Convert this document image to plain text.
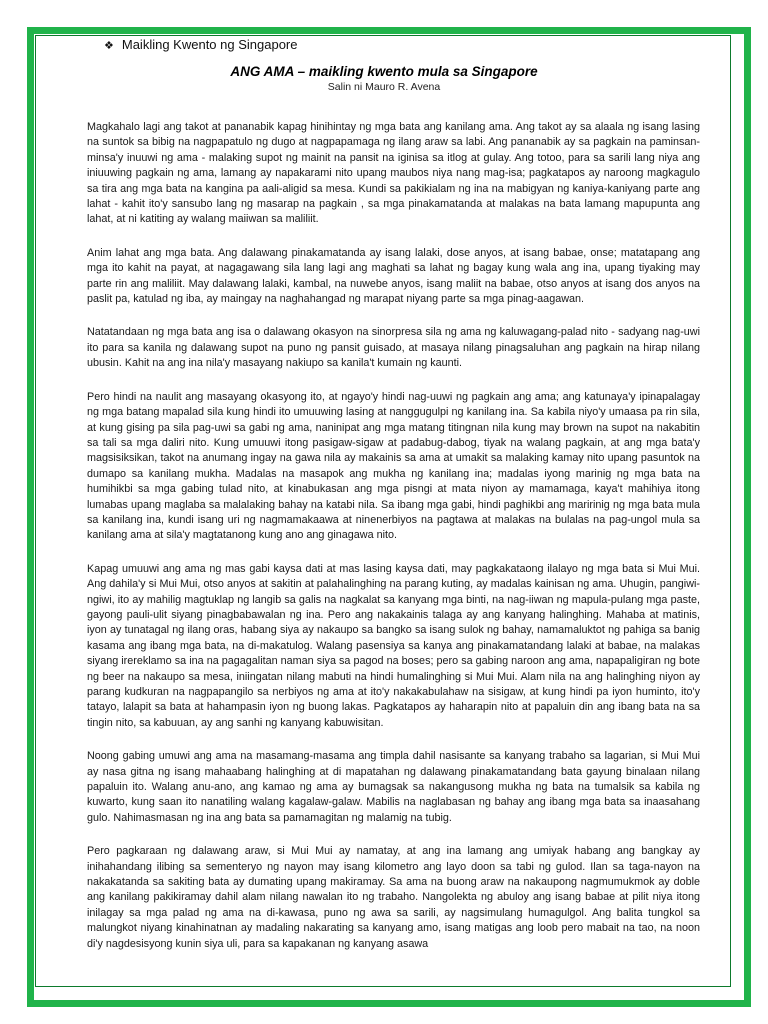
❖ Maikling Kwento ng Singapore
ANG AMA – maikling kwento mula sa Singapore
Salin ni Mauro R. Avena

Magkahalo lagi ang takot at pananabik kapag hinihintay ng mga bata ang kanilang ama. Ang takot ay sa alaala ng isang lasing na suntok sa bibig na nagpapatulo ng dugo at nagpapamaga ng ilang araw sa labi. Ang pananabik ay sa pagkain na paminsan-minsa'y inuuwi ng ama - malaking supot ng mainit na pansit na iginisa sa itlog at gulay. Ang totoo, para sa sarili lang niya ang iniuuwing pagkain ng ama, lamang ay napakarami nito upang maubos niya nang mag-isa; pagkatapos ay naroong magkagulo sa tira ang mga bata na kangina pa aali-aligid sa mesa. Kundi sa pakikialam ng ina na mabigyan ng kaniya-kaniyang parte ang lahat - kahit ito'y sansubo lang ng masarap na pagkain , sa mga pinakamatanda at malakas na bata lamang mapupunta ang lahat, at ni katiting ay walang maiiwan sa maliliit.

Anim lahat ang mga bata. Ang dalawang pinakamatanda ay isang lalaki, dose anyos, at isang babae, onse; matatapang ang mga ito kahit na payat, at nagagawang sila lang lagi ang maghati sa lahat ng bagay kung wala ang ina, upang tiyaking may parte rin ang maliliit. May dalawang lalaki, kambal, na nuwebe anyos, isang maliit na babae, otso anyos at isang dos anyos na paslit pa, katulad ng iba, ay maingay na naghahangad ng marapat niyang parte sa mga pinag-aagawan.

Natatandaan ng mga bata ang isa o dalawang okasyon na sinorpresa sila ng ama ng kaluwagang-palad nito - sadyang nag-uwi ito para sa kanila ng dalawang supot na puno ng pansit guisado, at masaya nilang pinagsaluhan ang pagkain na hirap nilang ubusin. Kahit na ang ina nila'y masayang nakiupo sa kanila't kumain ng kaunti.

Pero hindi na naulit ang masayang okasyong ito, at ngayo'y hindi nag-uuwi ng pagkain ang ama; ang katunaya'y ipinapalagay ng mga batang mapalad sila kung hindi ito umuuwing lasing at nanggugulpi ng kanilang ina. Sa kabila niyo'y umaasa pa rin sila, at kung gising pa sila pag-uwi sa gabi ng ama, naninipat ang mga matang titingnan nila kung may brown na supot na nakabitin sa tali sa mga daliri nito. Kung umuuwi itong pasigaw-sigaw at padabug-dabog, tiyak na walang pagkain, at ang mga bata'y magsisiksikan, takot na anumang ingay na gawa nila ay makainis sa ama at umakit sa malaking kamay nito upang pasuntok na dumapo sa kanilang mukha. Madalas na masapok ang mukha ng kanilang ina; madalas iyong marinig ng mga bata na humihikbi sa mga gabing tulad nito, at kinabukasan ang mga pisngi at mata niyon ay mamamaga, kaya't mahihiya itong lumabas upang maglaba sa malalaking bahay na katabi nila. Sa ibang mga gabi, hindi paghikbi ang maririnig ng mga bata mula sa kanilang ina, kundi isang uri ng nagmamakaawa at ninenerbiyos na pagtawa at malakas na bulalas na pag-ungol mula sa kanilang ama at sila'y magtatanong kung ano ang ginagawa nito.

Kapag umuuwi ang ama ng mas gabi kaysa dati at mas lasing kaysa dati, may pagkakataong ilalayo ng mga bata si Mui Mui. Ang dahila'y si Mui Mui, otso anyos at sakitin at palahalinghing na parang kuting, ay madalas kainisan ng ama. Uhugin, pangiwi-ngiwi, ito ay mahilig magtuklap ng langib sa galis na nagkalat sa kanyang mga binti, na nag-iiwan ng mapula-pulang mga paste, gayong pauli-ulit siyang pinagbabawalan ng ina. Pero ang nakakainis talaga ay ang kanyang halinghing. Mahaba at matinis, iyon ay tunatagal ng ilang oras, habang siya ay nakaupo sa bangko sa isang sulok ng bahay, namamaluktot ng pahiga sa banig kasama ang ibang mga bata, na di-makatulog. Walang pasensiya sa kanya ang pinakamatandang lalaki at babae, na malakas siyang irereklamo sa ina na pagagalitan naman siya sa pagod na boses; pero sa gabing naroon ang ama, napapaligiran ng bote ng beer na nakaupo sa mesa, iniingatan nilang mabuti na hindi humalinghing si Mui Mui. Alam nila na ang halinghing niyon ay parang kudkuran na nagpapangilo sa nerbiyos ng ama at ito'y nakakabulahaw na sisigaw, at kung hindi pa iyon huminto, ito'y tatayo, lalapit sa bata at hahampasin iyon ng buong lakas. Pagkatapos ay haharapin nito at papaluin din ang ibang bata na sa tingin nito, sa kabuuan, ay ang sanhi ng kanyang kabuwisitan.

Noong gabing umuwi ang ama na masamang-masama ang timpla dahil nasisante sa kanyang trabaho sa lagarian, si Mui Mui ay nasa gitna ng isang mahaabang halinghing at di mapatahan ng dalawang pinakamatandang bata gayung binalaan nilang papaluin ito. Walang anu-ano, ang kamao ng ama ay bumagsak sa nakangusong mukha ng bata na tumalsik sa kabila ng kuwarto, kung saan ito nanatiling walang kagalaw-galaw. Mabilis na naglabasan ng bahay ang ibang mga bata sa inaasahang gulo. Nahimasmasan ng ina ang bata sa pamamagitan ng malamig na tubig.

Pero pagkaraan ng dalawang araw, si Mui Mui ay namatay, at ang ina lamang ang umiyak habang ang bangkay ay inihahandang ilibing sa sementeryo ng nayon may isang kilometro ang layo doon sa tabi ng gulod. Ilan sa taga-nayon na nakakatanda sa sakiting bata ay dumating upang makiramay. Sa ama na buong araw na nakaupong nagmumukmok ay doble ang kanilang pakikiramay dahil alam nilang nawalan ito ng trabaho. Nangolekta ng abuloy ang isang babae at pilit niya itong inilagay sa mga palad ng ama na di-kawasa, puno ng awa sa sarili, ay nagsimulang humagulgol. Ang balita tungkol sa malungkot niyang kinahinatnan ay madaling nakarating sa kanyang amo, isang matigas ang loob pero mabait na tao, na noon di'y nagdesisyong kunin siya uli, para sa kapakanan ng kanyang asawa
